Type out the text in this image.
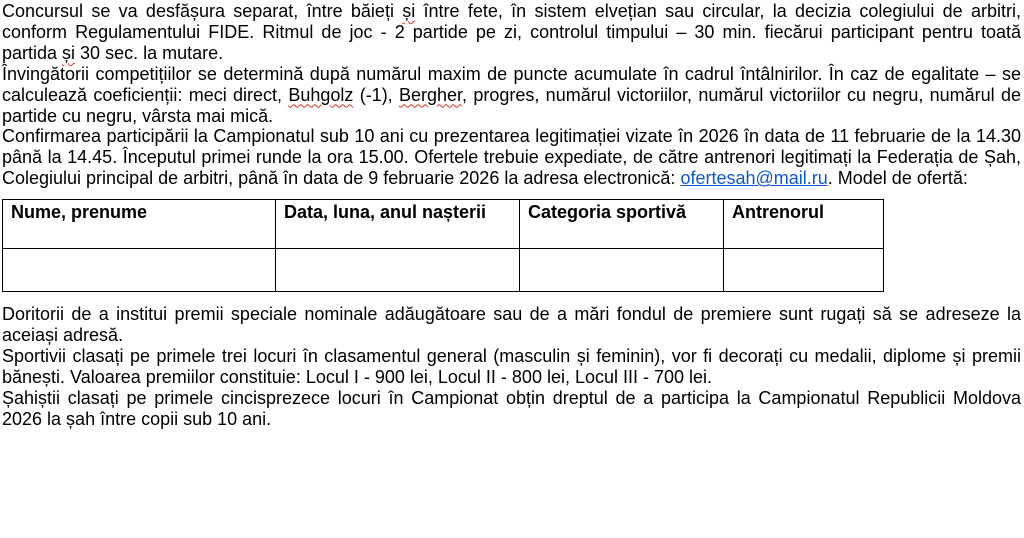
Concursul se va desfășura separat, între băieți și între fete, în sistem elvețian sau circular, la decizia colegiului de arbitri, conform Regulamentului FIDE. Ritmul de joc - 2 partide pe zi, controlul timpului – 30 min. fiecărui participant pentru toată partida și 30 sec. la mutare.

Învingătorii competițiilor se determină după numărul maxim de puncte acumulate în cadrul întâlnirilor. În caz de egalitate – se calculează coeficienții: meci direct, Buhgolz (-1), Bergher, progres, numărul victoriilor, numărul victoriilor cu negru, numărul de partide cu negru, vârsta mai mică.

Confirmarea participării la Campionatul sub 10 ani cu prezentarea legitimației vizate în 2026 în data de 11 februarie de la 14.30 până la 14.45. Începutul primei runde la ora 15.00. Ofertele trebuie expediate, de către antrenori legitimați la Federația de Șah, Colegiului principal de arbitri, până în data de 9 februarie 2026 la adresa electronică: ofertesah@mail.ru. Model de ofertă:

Nume, prenume	Data, luna, anul nașterii	Categoria sportivă	Antrenorul

Doritorii de a institui premii speciale nominale adăugătoare sau de a mări fondul de premiere sunt rugați să se adreseze la aceiași adresă.

Sportivii clasați pe primele trei locuri în clasamentul general (masculin și feminin), vor fi decorați cu medalii, diplome și premii bănești. Valoarea premiilor constituie: Locul I - 900 lei, Locul II - 800 lei, Locul III - 700 lei.

Șahiștii clasați pe primele cincisprezece locuri în Campionat obțin dreptul de a participa la Campionatul Republicii Moldova 2026 la șah între copii sub 10 ani.
